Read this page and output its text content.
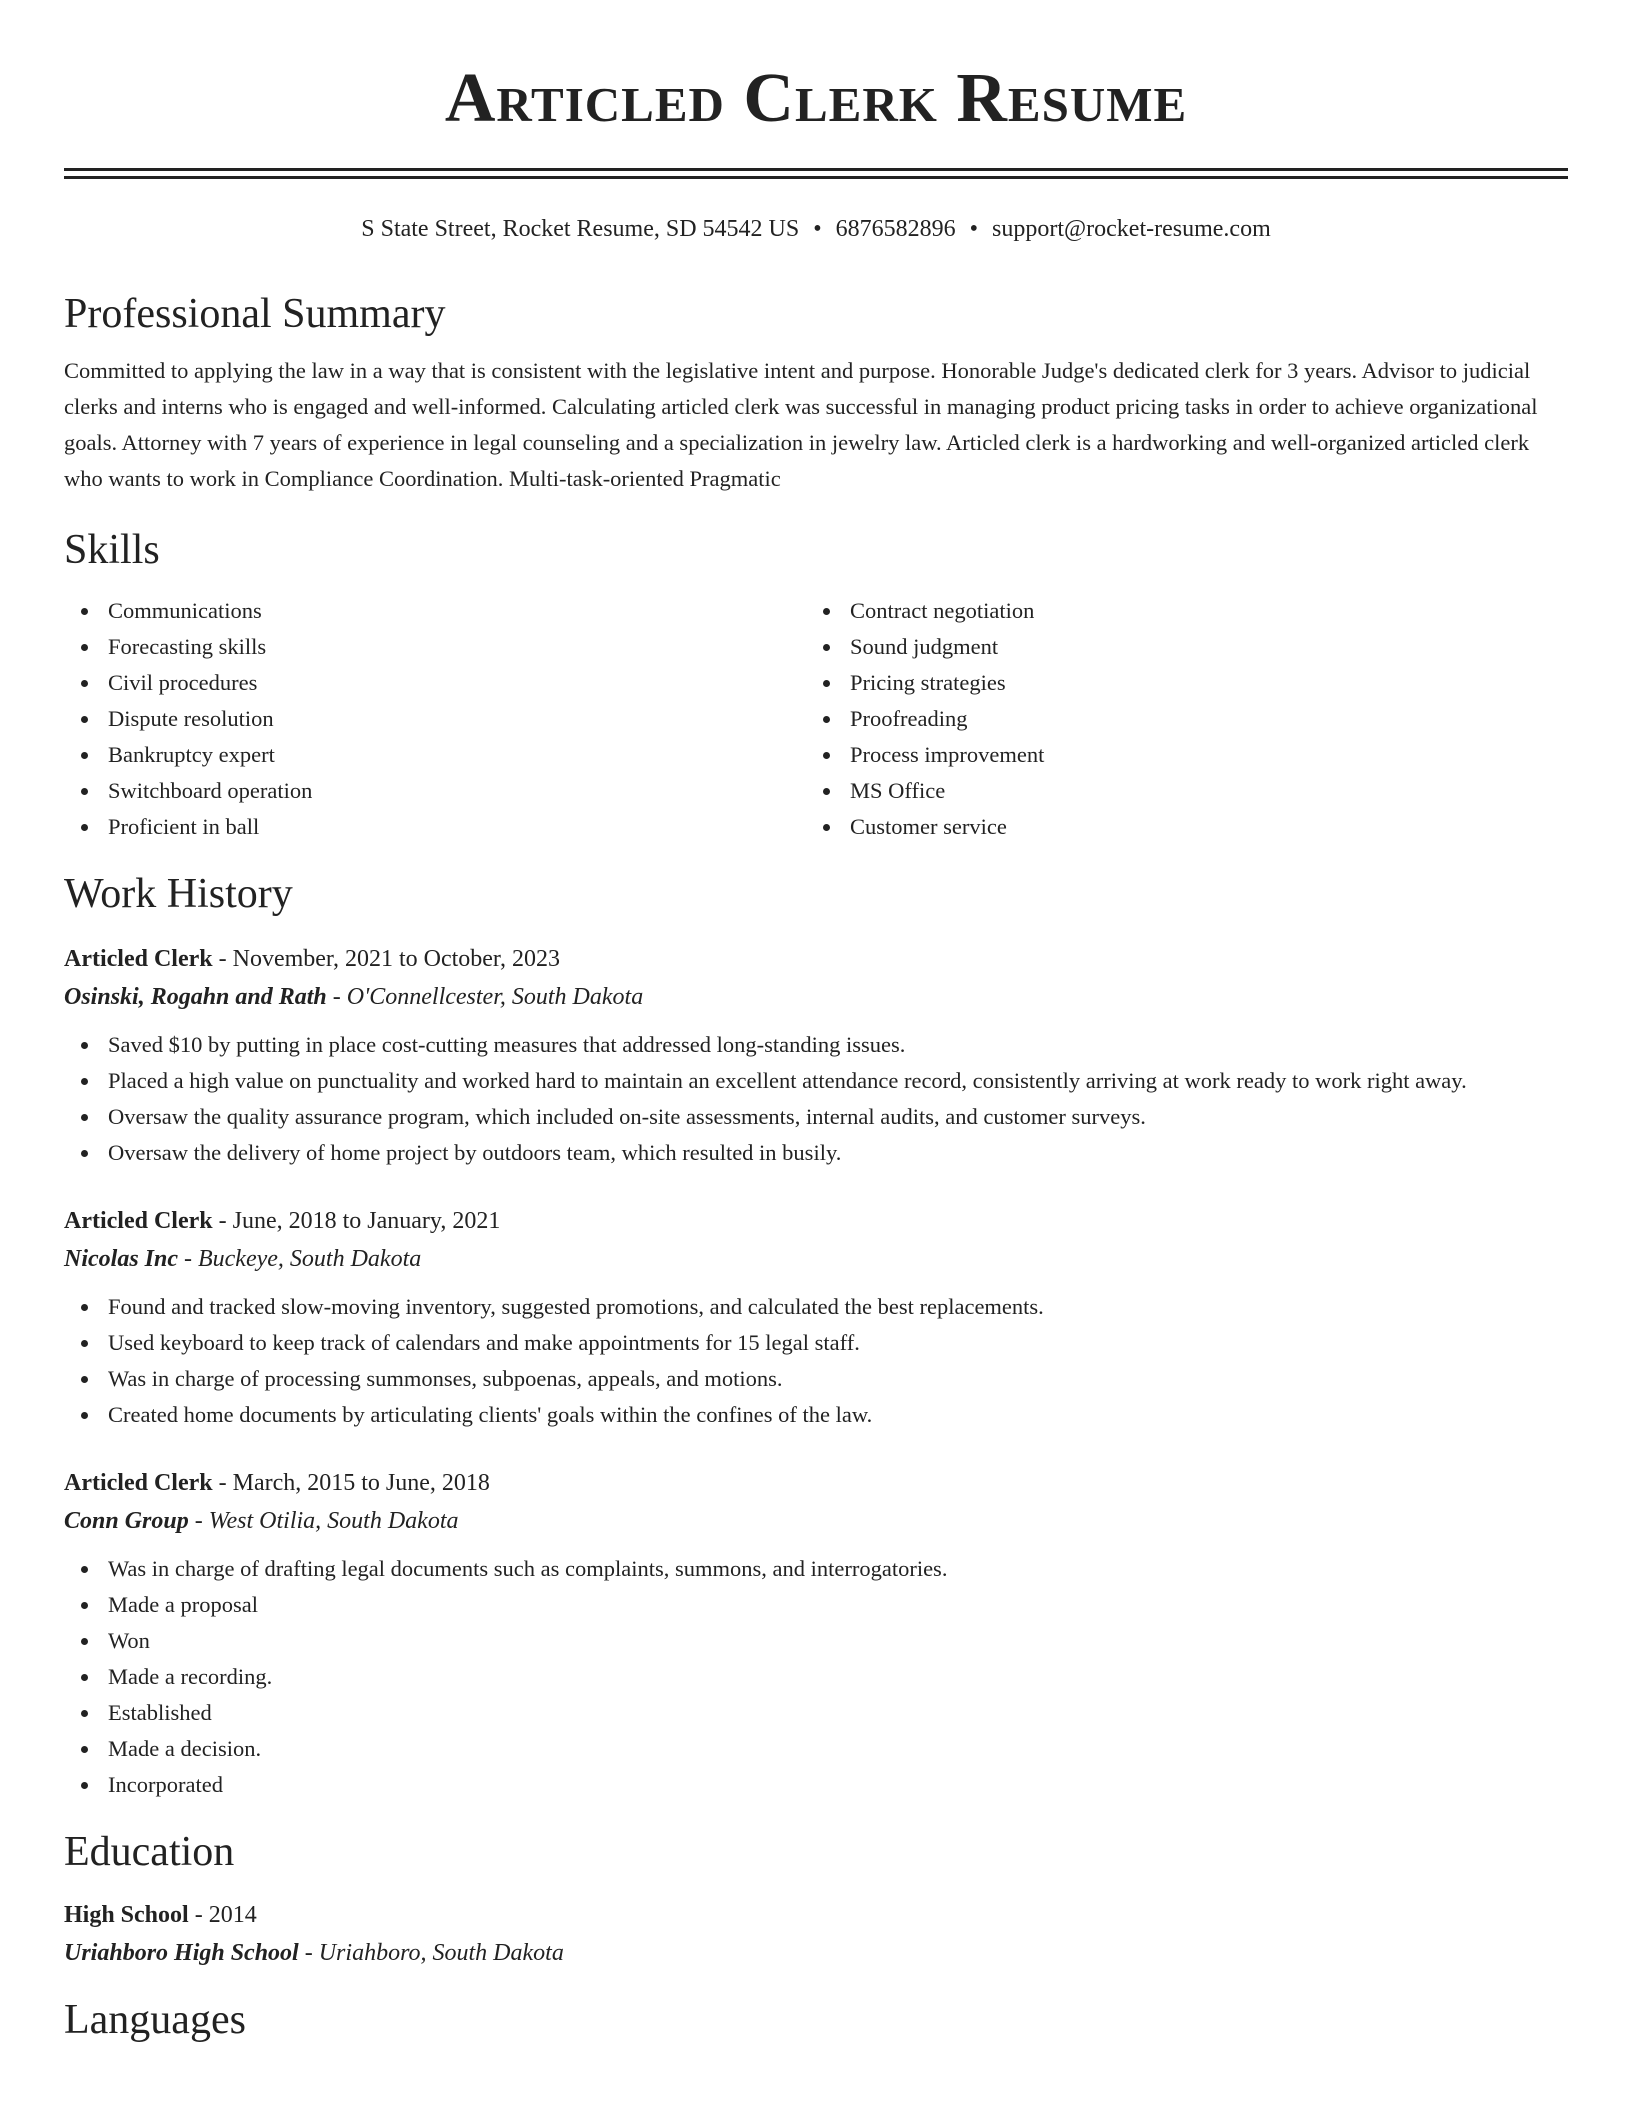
Articled Clerk Resume
S State Street, Rocket Resume, SD 54542 US • 6876582896 • support@rocket-resume.com
Professional Summary

Committed to applying the law in a way that is consistent with the legislative intent and purpose. Honorable Judge's dedicated clerk for 3 years. Advisor to judicial clerks and interns who is engaged and well-informed. Calculating articled clerk was successful in managing product pricing tasks in order to achieve organizational goals. Attorney with 7 years of experience in legal counseling and a specialization in jewelry law. Articled clerk is a hardworking and well-organized articled clerk who wants to work in Compliance Coordination. Multi-task-oriented Pragmatic

Skills
Communications
Forecasting skills
Civil procedures
Dispute resolution
Bankruptcy expert
Switchboard operation
Proficient in ball
Contract negotiation
Sound judgment
Pricing strategies
Proofreading
Process improvement
MS Office
Customer service
Work History
Articled Clerk - November, 2021 to October, 2023
Osinski, Rogahn and Rath - O'Connellcester, South Dakota
Saved $10 by putting in place cost-cutting measures that addressed long-standing issues.
Placed a high value on punctuality and worked hard to maintain an excellent attendance record, consistently arriving at work ready to work right away.
Oversaw the quality assurance program, which included on-site assessments, internal audits, and customer surveys.
Oversaw the delivery of home project by outdoors team, which resulted in busily.
Articled Clerk - June, 2018 to January, 2021
Nicolas Inc - Buckeye, South Dakota
Found and tracked slow-moving inventory, suggested promotions, and calculated the best replacements.
Used keyboard to keep track of calendars and make appointments for 15 legal staff.
Was in charge of processing summonses, subpoenas, appeals, and motions.
Created home documents by articulating clients' goals within the confines of the law.
Articled Clerk - March, 2015 to June, 2018
Conn Group - West Otilia, South Dakota
Was in charge of drafting legal documents such as complaints, summons, and interrogatories.
Made a proposal
Won
Made a recording.
Established
Made a decision.
Incorporated
Education
High School - 2014
Uriahboro High School - Uriahboro, South Dakota
Languages
